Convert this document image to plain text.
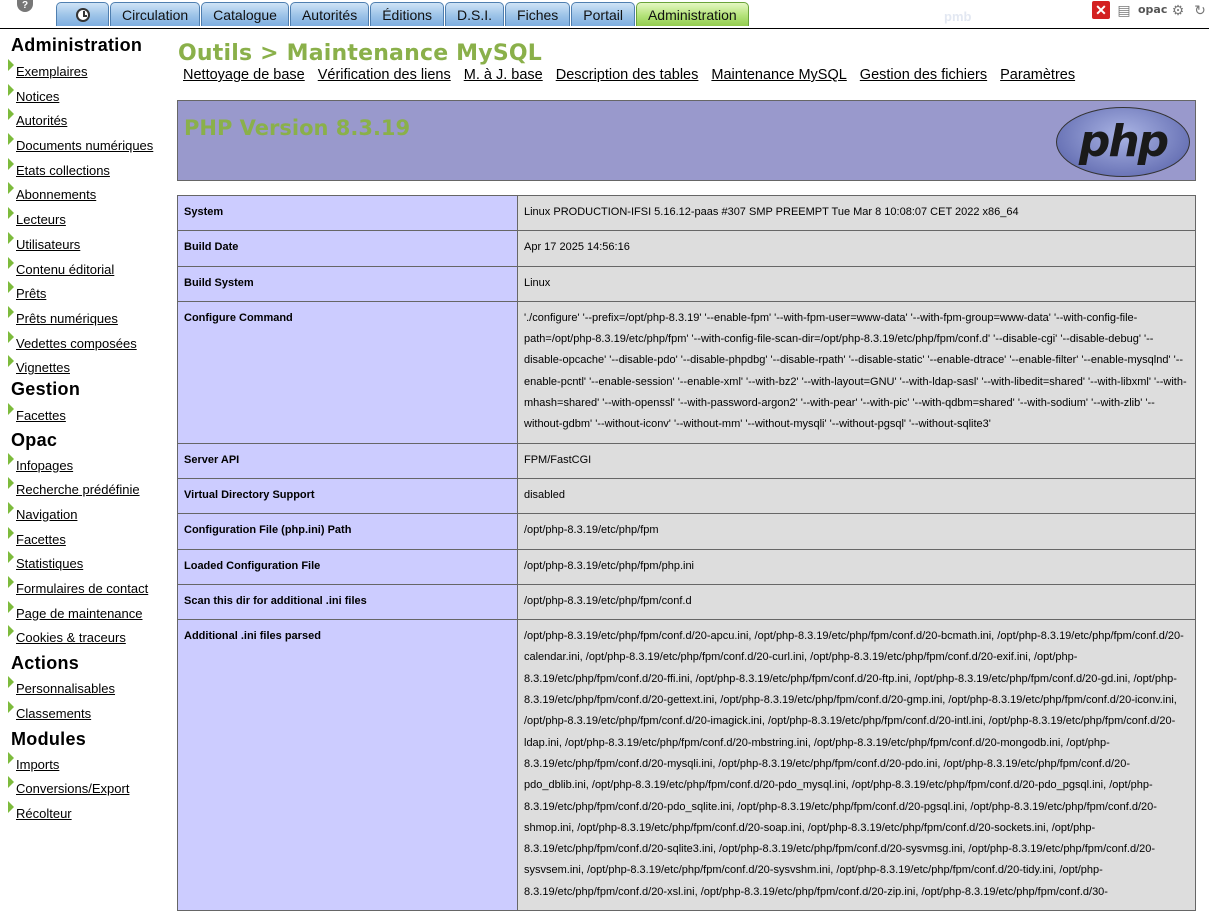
?
Circulation	Catalogue	Autorités	Éditions	D.S.I.	Fiches	Portail	Administration	pmb	✕ ▤ opac ⚙ ↻
Administration
Exemplaires
Notices
Autorités
Documents numériques
Etats collections
Abonnements
Lecteurs
Utilisateurs
Contenu éditorial
Prêts
Prêts numériques
Vedettes composées
Vignettes
Gestion
Facettes
Opac
Infopages
Recherche prédéfinie
Navigation
Facettes
Statistiques
Formulaires de contact
Page de maintenance
Cookies & traceurs
Actions
Personnalisables
Classements
Modules
Imports
Conversions/Export
Récolteur
Outils > Maintenance MySQL
Nettoyage de base Vérification des liens M. à J. base Description des tables Maintenance MySQL Gestion des fichiers Paramètres
PHP Version 8.3.19	php
System	Linux PRODUCTION-IFSI 5.16.12-paas #307 SMP PREEMPT Tue Mar 8 10:08:07 CET 2022 x86_64
Build Date	Apr 17 2025 14:56:16
Build System	Linux
Configure Command	'./configure' '--prefix=/opt/php-8.3.19' '--enable-fpm' '--with-fpm-user=www-data' '--with-fpm-group=www-data' '--with-config-file-path=/opt/php-8.3.19/etc/php/fpm' '--with-config-file-scan-dir=/opt/php-8.3.19/etc/php/fpm/conf.d' '--disable-cgi' '--disable-debug' '--disable-opcache' '--disable-pdo' '--disable-phpdbg' '--disable-rpath' '--disable-static' '--enable-dtrace' '--enable-filter' '--enable-mysqlnd' '--enable-pcntl' '--enable-session' '--enable-xml' '--with-bz2' '--with-layout=GNU' '--with-ldap-sasl' '--with-libedit=shared' '--with-libxml' '--with-mhash=shared' '--with-openssl' '--with-password-argon2' '--with-pear' '--with-pic' '--with-qdbm=shared' '--with-sodium' '--with-zlib' '--without-gdbm' '--without-iconv' '--without-mm' '--without-mysqli' '--without-pgsql' '--without-sqlite3'
Server API	FPM/FastCGI
Virtual Directory Support	disabled
Configuration File (php.ini) Path	/opt/php-8.3.19/etc/php/fpm
Loaded Configuration File	/opt/php-8.3.19/etc/php/fpm/php.ini
Scan this dir for additional .ini files	/opt/php-8.3.19/etc/php/fpm/conf.d
Additional .ini files parsed	/opt/php-8.3.19/etc/php/fpm/conf.d/20-apcu.ini, /opt/php-8.3.19/etc/php/fpm/conf.d/20-bcmath.ini, /opt/php-8.3.19/etc/php/fpm/conf.d/20-calendar.ini, /opt/php-8.3.19/etc/php/fpm/conf.d/20-curl.ini, /opt/php-8.3.19/etc/php/fpm/conf.d/20-exif.ini, /opt/php-8.3.19/etc/php/fpm/conf.d/20-ffi.ini, /opt/php-8.3.19/etc/php/fpm/conf.d/20-ftp.ini, /opt/php-8.3.19/etc/php/fpm/conf.d/20-gd.ini, /opt/php-8.3.19/etc/php/fpm/conf.d/20-gettext.ini, /opt/php-8.3.19/etc/php/fpm/conf.d/20-gmp.ini, /opt/php-8.3.19/etc/php/fpm/conf.d/20-iconv.ini, /opt/php-8.3.19/etc/php/fpm/conf.d/20-imagick.ini, /opt/php-8.3.19/etc/php/fpm/conf.d/20-intl.ini, /opt/php-8.3.19/etc/php/fpm/conf.d/20-ldap.ini, /opt/php-8.3.19/etc/php/fpm/conf.d/20-mbstring.ini, /opt/php-8.3.19/etc/php/fpm/conf.d/20-mongodb.ini, /opt/php-8.3.19/etc/php/fpm/conf.d/20-mysqli.ini, /opt/php-8.3.19/etc/php/fpm/conf.d/20-pdo.ini, /opt/php-8.3.19/etc/php/fpm/conf.d/20-pdo_dblib.ini, /opt/php-8.3.19/etc/php/fpm/conf.d/20-pdo_mysql.ini, /opt/php-8.3.19/etc/php/fpm/conf.d/20-pdo_pgsql.ini, /opt/php-8.3.19/etc/php/fpm/conf.d/20-pdo_sqlite.ini, /opt/php-8.3.19/etc/php/fpm/conf.d/20-pgsql.ini, /opt/php-8.3.19/etc/php/fpm/conf.d/20-shmop.ini, /opt/php-8.3.19/etc/php/fpm/conf.d/20-soap.ini, /opt/php-8.3.19/etc/php/fpm/conf.d/20-sockets.ini, /opt/php-8.3.19/etc/php/fpm/conf.d/20-sqlite3.ini, /opt/php-8.3.19/etc/php/fpm/conf.d/20-sysvmsg.ini, /opt/php-8.3.19/etc/php/fpm/conf.d/20-sysvsem.ini, /opt/php-8.3.19/etc/php/fpm/conf.d/20-sysvshm.ini, /opt/php-8.3.19/etc/php/fpm/conf.d/20-tidy.ini, /opt/php-8.3.19/etc/php/fpm/conf.d/20-xsl.ini, /opt/php-8.3.19/etc/php/fpm/conf.d/20-zip.ini, /opt/php-8.3.19/etc/php/fpm/conf.d/30-
